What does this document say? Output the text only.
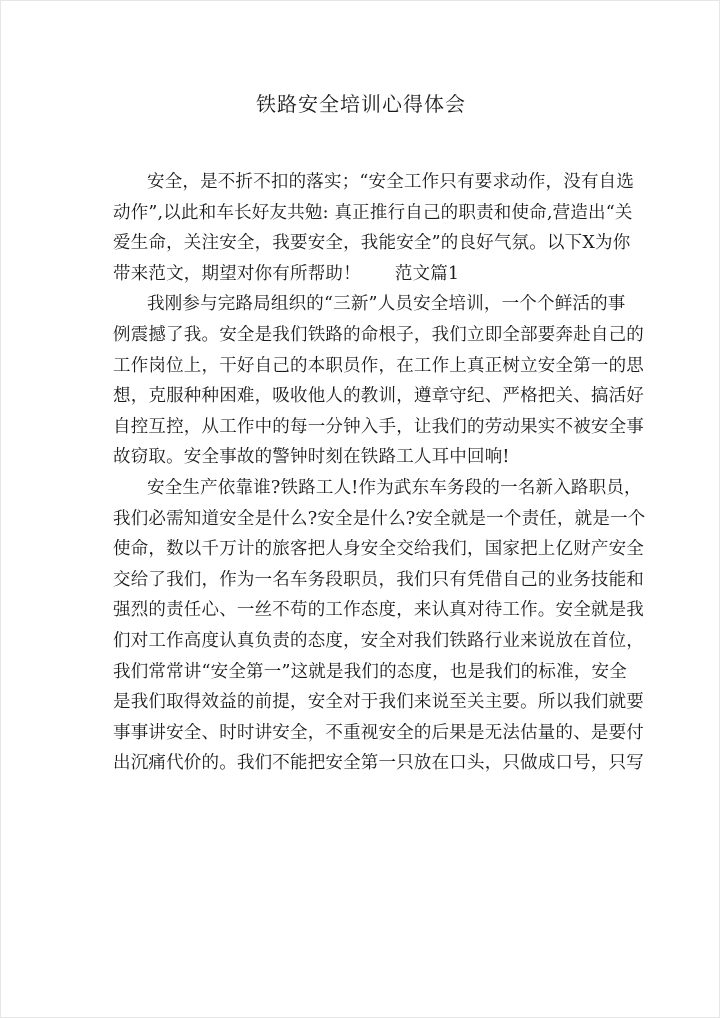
铁路安全培训心得体会
安全，是不折不扣的落实；“安全工作只有要求动作，没有自选
动作”,以此和车长好友共勉: 真正推行自己的职责和使命,营造出“关
爱生命，关注安全，我要安全，我能安全”的良好气氛。以下X为你
带来范文，期望对你有所帮助！ 范文篇1
我刚参与完路局组织的“三新”人员安全培训，一个个鲜活的事
例震撼了我。安全是我们铁路的命根子，我们立即全部要奔赴自己的
工作岗位上，干好自己的本职员作，在工作上真正树立安全第一的思
想，克服种种困难，吸收他人的教训，遵章守纪、严格把关、搞活好
自控互控，从工作中的每一分钟入手，让我们的劳动果实不被安全事
故窃取。安全事故的警钟时刻在铁路工人耳中回响!
安全生产依靠谁?铁路工人!作为武东车务段的一名新入路职员，
我们必需知道安全是什么?安全是什么?安全就是一个责任，就是一个
使命，数以千万计的旅客把人身安全交给我们，国家把上亿财产安全
交给了我们，作为一名车务段职员，我们只有凭借自己的业务技能和
强烈的责任心、一丝不苟的工作态度，来认真对待工作。安全就是我
们对工作高度认真负责的态度，安全对我们铁路行业来说放在首位，
我们常常讲“安全第一”这就是我们的态度，也是我们的标准，安全
是我们取得效益的前提，安全对于我们来说至关主要。所以我们就要
事事讲安全、时时讲安全，不重视安全的后果是无法估量的、是要付
出沉痛代价的。我们不能把安全第一只放在口头，只做成口号，只写
